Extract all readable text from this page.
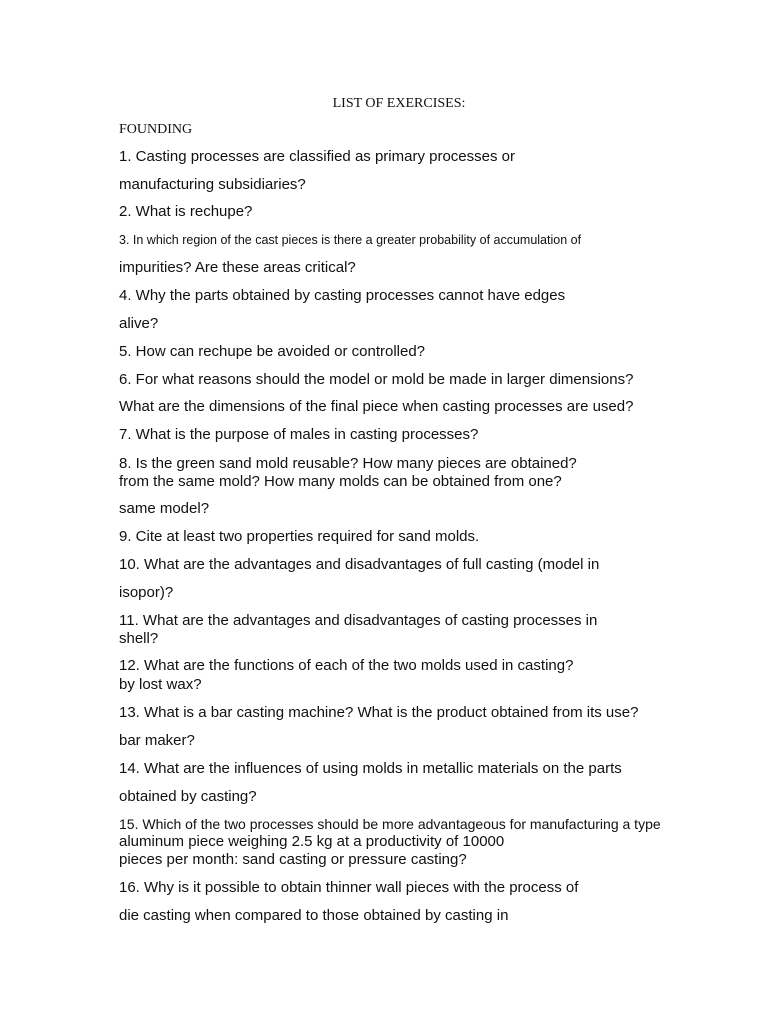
LIST OF EXERCISES:
FOUNDING
1. Casting processes are classified as primary processes or
manufacturing subsidiaries?
2. What is rechupe?
3. In which region of the cast pieces is there a greater probability of accumulation of
impurities? Are these areas critical?
4. Why the parts obtained by casting processes cannot have edges
alive?
5. How can rechupe be avoided or controlled?
6. For what reasons should the model or mold be made in larger dimensions?
What are the dimensions of the final piece when casting processes are used?
7. What is the purpose of males in casting processes?
8. Is the green sand mold reusable? How many pieces are obtained?
from the same mold? How many molds can be obtained from one?
same model?
9. Cite at least two properties required for sand molds.
10. What are the advantages and disadvantages of full casting (model in
isopor)?
11. What are the advantages and disadvantages of casting processes in
shell?
12. What are the functions of each of the two molds used in casting?
by lost wax?
13. What is a bar casting machine? What is the product obtained from its use?
bar maker?
14. What are the influences of using molds in metallic materials on the parts
obtained by casting?
15. Which of the two processes should be more advantageous for manufacturing a type
aluminum piece weighing 2.5 kg at a productivity of 10000
pieces per month: sand casting or pressure casting?
16. Why is it possible to obtain thinner wall pieces with the process of
die casting when compared to those obtained by casting in
